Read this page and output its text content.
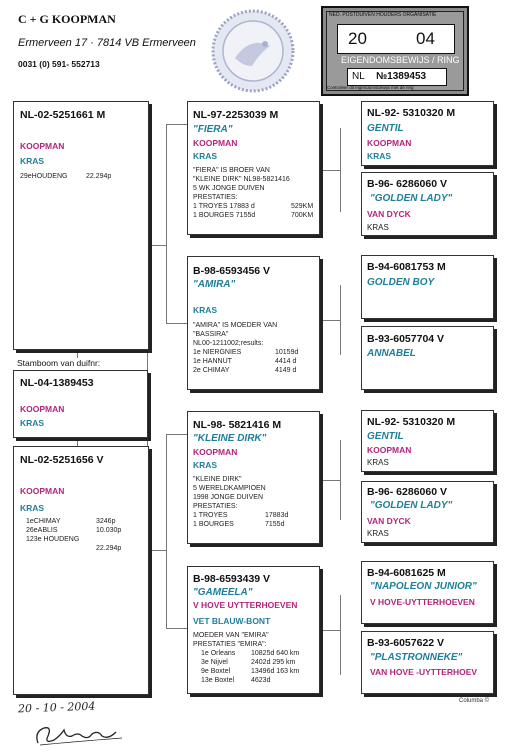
C + G KOOPMAN
Ermerveen 17 · 7814 VB Ermerveen
0031 (0) 591- 552713
NED. POSTDUIVEN HOUDERS ORGANISATIE
20	04
EIGENDOMSBEWIJS / RING
NL №1389453
Controleer dit eigendomsbewijs met de ring
NL-02-5251661 M
KOOPMAN
KRAS
29eHOUDENG	22.294p
Stamboom van duifnr:
NL-04-1389453
KOOPMAN
KRAS
NL-02-5251656 V
KOOPMAN
KRAS
1eCHIMAY	3246p
26eABLIS	10.030p
123e HOUDENG
22.294p
NL-97-2253039 M
"FIERA"
KOOPMAN
KRAS
"FIERA" IS BROER VAN
"KLEINE DIRK" NL98-5821416
5 WK JONGE DUIVEN
PRESTATIES:
1 TROYES 17883 d	529KM
1 BOURGES 7155d	700KM
B-98-6593456 V
"AMIRA"
KRAS
"AMIRA" IS MOEDER VAN
"BASSIRA"
NL00-1211002;results:
1e NIERGNIES	10159d
1e HANNUT	4414 d
2e CHIMAY	4149 d
NL-98- 5821416 M
"KLEINE DIRK"
KOOPMAN
KRAS
"KLEINE DIRK"
5 WERELDKAMPIOEN
1998 JONGE DUIVEN
PRESTATIES:
1 TROYES	17883d
1 BOURGES	7155d
B-98-6593439 V
"GAMEELA"
V HOVE UYTTERHOEVEN
VET BLAUW-BONT
MOEDER VAN "EMIRA"
PRESTATIES "EMIRA":
1e Orleans 10825d 640 km
3e Nijvel	2402d 295 km
9e Boxtel	13496d 163 km
13e Boxtel 4623d
NL-92- 5310320 M
GENTIL
KOOPMAN
KRAS
B-96- 6286060 V
"GOLDEN LADY"
VAN DYCK
KRAS
B-94-6081753 M
GOLDEN BOY
B-93-6057704 V
ANNABEL
NL-92- 5310320 M
GENTIL
KOOPMAN
KRAS
B-96- 6286060 V
"GOLDEN LADY"
VAN DYCK
KRAS
B-94-6081625 M
"NAPOLEON JUNIOR"
V HOVE-UYTTERHOEVEN
B-93-6057622 V
"PLASTRONNEKE"
VAN HOVE -UYTTERHOEV
Columba ©
20 - 10 - 2004
